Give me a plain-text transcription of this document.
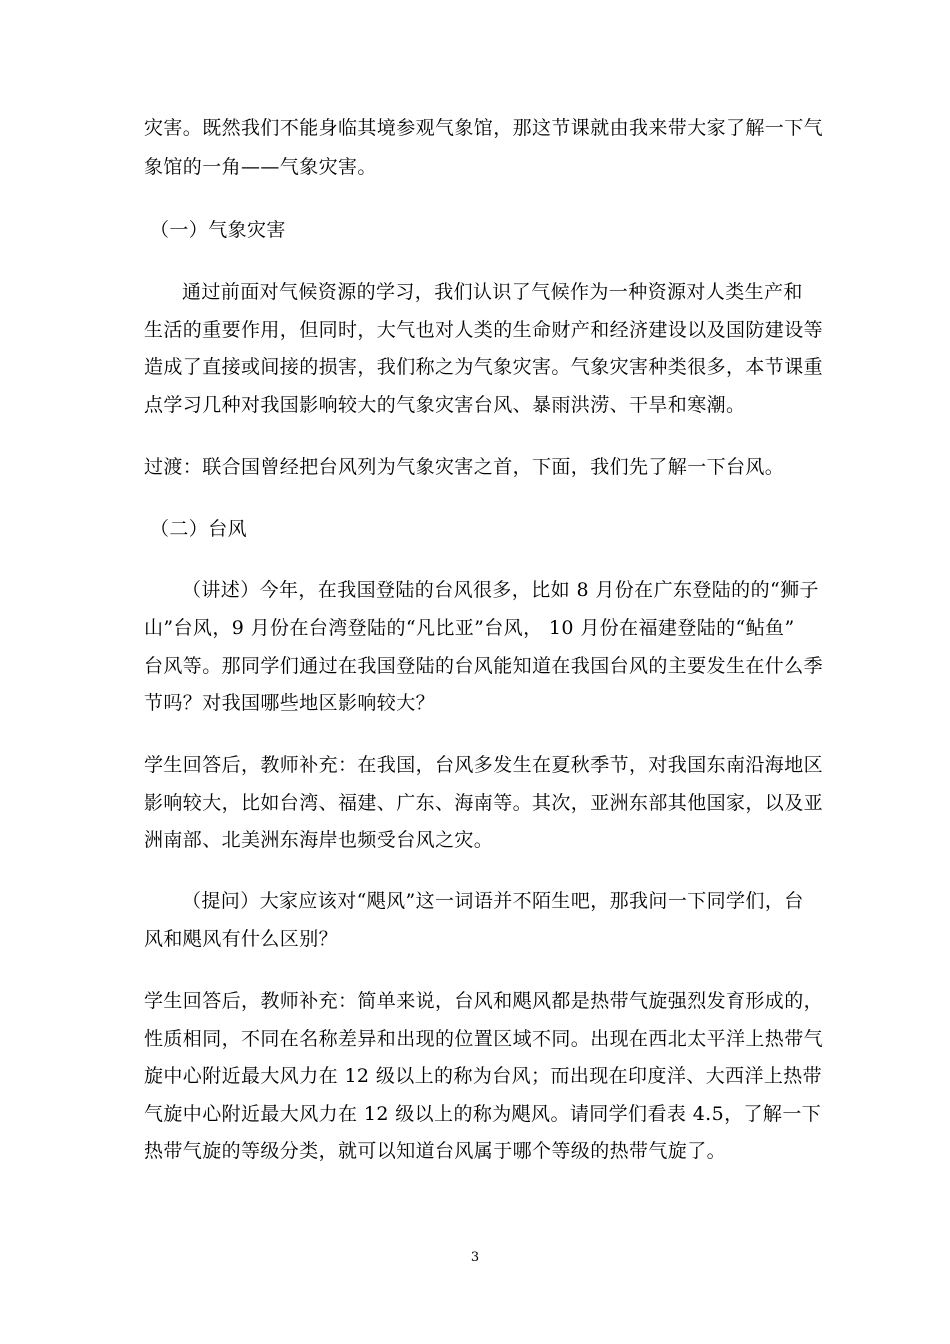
灾害。既然我们不能身临其境参观气象馆，那这节课就由我来带大家了解一下气
象馆的一角——气象灾害。
（一）气象灾害
通过前面对气候资源的学习，我们认识了气候作为一种资源对人类生产和
生活的重要作用，但同时，大气也对人类的生命财产和经济建设以及国防建设等
造成了直接或间接的损害，我们称之为气象灾害。气象灾害种类很多，本节课重
点学习几种对我国影响较大的气象灾害台风、暴雨洪涝、干旱和寒潮。
过渡：联合国曾经把台风列为气象灾害之首，下面，我们先了解一下台风。
（二）台风
（讲述）今年，在我国登陆的台风很多，比如 8 月份在广东登陆的的“狮子
山”台风，9 月份在台湾登陆的“凡比亚”台风， 10 月份在福建登陆的“鲇鱼”
台风等。那同学们通过在我国登陆的台风能知道在我国台风的主要发生在什么季
节吗？对我国哪些地区影响较大？
学生回答后，教师补充：在我国，台风多发生在夏秋季节，对我国东南沿海地区
影响较大，比如台湾、福建、广东、海南等。其次，亚洲东部其他国家，以及亚
洲南部、北美洲东海岸也频受台风之灾。
（提问）大家应该对“飓风”这一词语并不陌生吧，那我问一下同学们，台
风和飓风有什么区别？
学生回答后，教师补充：简单来说，台风和飓风都是热带气旋强烈发育形成的，
性质相同，不同在名称差异和出现的位置区域不同。出现在西北太平洋上热带气
旋中心附近最大风力在 12 级以上的称为台风；而出现在印度洋、大西洋上热带
气旋中心附近最大风力在 12 级以上的称为飓风。请同学们看表 4.5，了解一下
热带气旋的等级分类，就可以知道台风属于哪个等级的热带气旋了。
3
